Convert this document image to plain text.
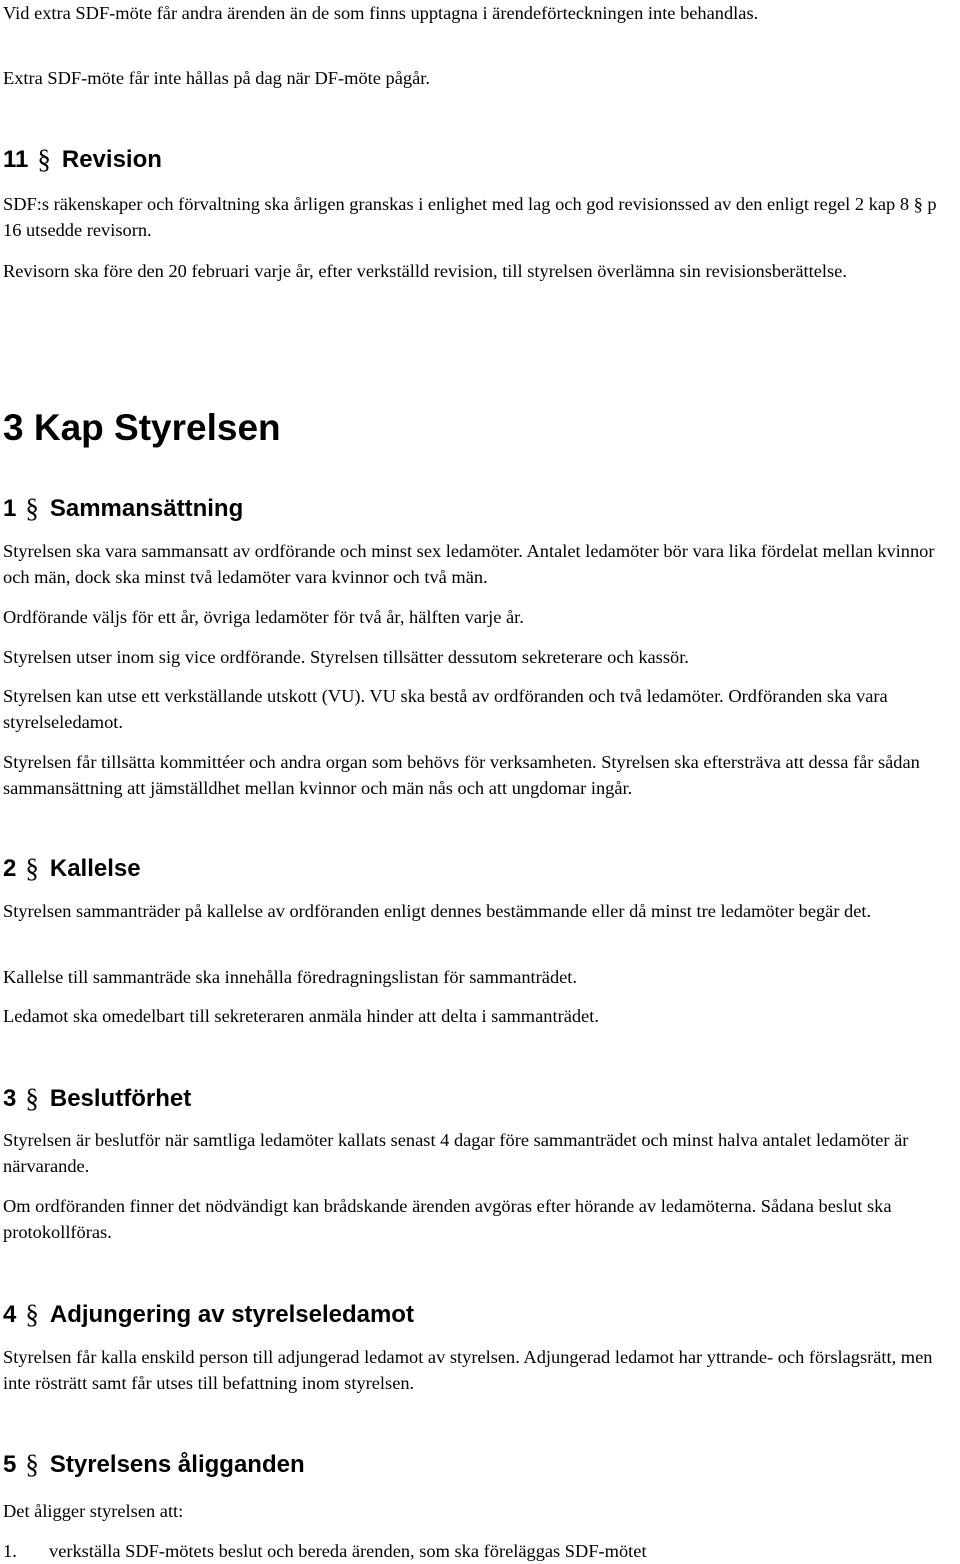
Vid extra SDF-möte får andra ärenden än de som finns upptagna i ärendeförteckningen inte behandlas.

Extra SDF-möte får inte hållas på dag när DF-möte pågår.

11 § Revision

SDF:s räkenskaper och förvaltning ska årligen granskas i enlighet med lag och god revisionssed av den enligt regel 2 kap 8 § p 16 utsedde revisorn.

Revisorn ska före den 20 februari varje år, efter verkställd revision, till styrelsen överlämna sin revisionsberättelse.

3 Kap Styrelsen
1 § Sammansättning

Styrelsen ska vara sammansatt av ordförande och minst sex ledamöter. Antalet ledamöter bör vara lika fördelat mellan kvinnor och män, dock ska minst två ledamöter vara kvinnor och två män.

Ordförande väljs för ett år, övriga ledamöter för två år, hälften varje år.

Styrelsen utser inom sig vice ordförande. Styrelsen tillsätter dessutom sekreterare och kassör.

Styrelsen kan utse ett verkställande utskott (VU). VU ska bestå av ordföranden och två ledamöter. Ordföranden ska vara styrelseledamot.

Styrelsen får tillsätta kommittéer och andra organ som behövs för verksamheten. Styrelsen ska eftersträva att dessa får sådan sammansättning att jämställdhet mellan kvinnor och män nås och att ungdomar ingår.

2 § Kallelse

Styrelsen sammanträder på kallelse av ordföranden enligt dennes bestämmande eller då minst tre ledamöter begär det.

Kallelse till sammanträde ska innehålla föredragningslistan för sammanträdet.

Ledamot ska omedelbart till sekreteraren anmäla hinder att delta i sammanträdet.

3 § Beslutförhet

Styrelsen är beslutför när samtliga ledamöter kallats senast 4 dagar före sammanträdet och minst halva antalet ledamöter är närvarande.

Om ordföranden finner det nödvändigt kan brådskande ärenden avgöras efter hörande av ledamöterna. Sådana beslut ska protokollföras.

4 § Adjungering av styrelseledamot

Styrelsen får kalla enskild person till adjungerad ledamot av styrelsen. Adjungerad ledamot har yttrande- och förslagsrätt, men inte rösträtt samt får utses till befattning inom styrelsen.

5 § Styrelsens åligganden

Det åligger styrelsen att:

1.	verkställa SDF-mötets beslut och bereda ärenden, som ska föreläggas SDF-mötet
